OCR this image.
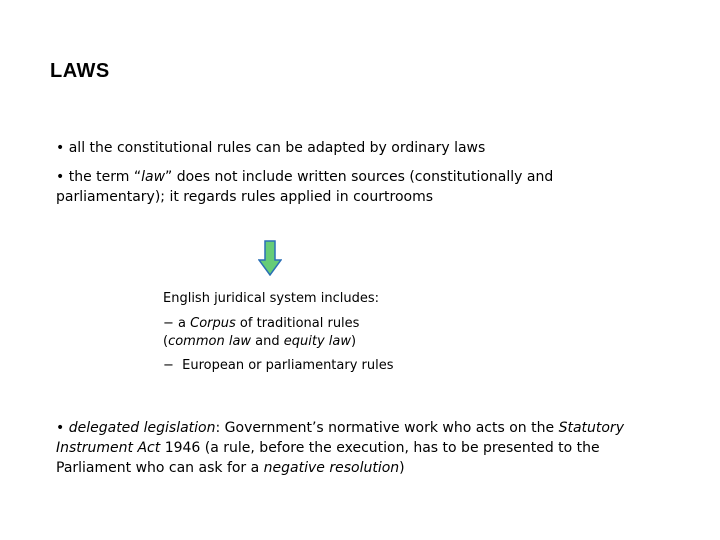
LAWS
• all the constitutional rules can be adapted by ordinary laws
• the term “law” does not include written sources (constitutionally and parliamentary); it regards rules applied in courtrooms
English juridical system includes:
− a Corpus of traditional rules
(common law and equity law)
− European or parliamentary rules
• delegated legislation: Government’s normative work who acts on the Statutory Instrument Act 1946 (a rule, before the execution, has to be presented to the Parliament who can ask for a negative resolution)
